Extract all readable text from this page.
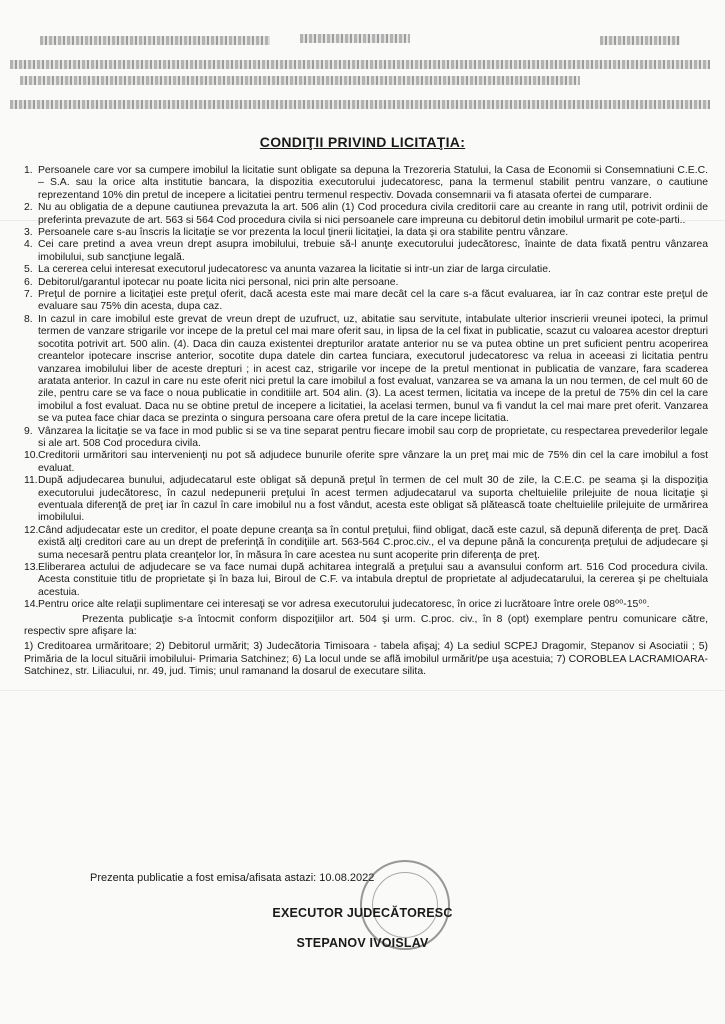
CONDIŢII PRIVIND LICITAŢIA:
1. Persoanele care vor sa cumpere imobilul la licitatie sunt obligate sa depuna la Trezoreria Statului, la Casa de Economii si Consemnatiuni C.E.C. – S.A. sau la orice alta institutie bancara, la dispozitia executorului judecatoresc, pana la termenul stabilit pentru vanzare, o cautiune reprezentand 10% din pretul de incepere a licitatiei pentru termenul respectiv. Dovada consemnarii va fi atasata ofertei de cumparare.
2. Nu au obligatia de a depune cautiunea prevazuta la art. 506 alin (1) Cod procedura civila creditorii care au creante in rang util, potrivit ordinii de preferinta prevazute de art. 563 si 564 Cod procedura civila si nici persoanele care impreuna cu debitorul detin imobilul urmarit pe cote-parti..
3. Persoanele care s-au înscris la licitaţie se vor prezenta la locul ţinerii licitaţiei, la data şi ora stabilite pentru vânzare.
4. Cei care pretind a avea vreun drept asupra imobilului, trebuie să-l anunţe executorului judecătoresc, înainte de data fixată pentru vânzarea imobilului, sub sancţiune legală.
5. La cererea celui interesat executorul judecatoresc va anunta vazarea la licitatie si intr-un ziar de larga circulatie.
6. Debitorul/garantul ipotecar nu poate licita nici personal, nici prin alte persoane.
7. Preţul de pornire a licitaţiei este preţul oferit, dacă acesta este mai mare decât cel la care s-a făcut evaluarea, iar în caz contrar este preţul de evaluare sau 75% din acesta, dupa caz.
8. In cazul in care imobilul este grevat de vreun drept de uzufruct, uz, abitatie sau servitute, intabulate ulterior inscrierii vreunei ipoteci, la primul termen de vanzare strigarile vor incepe de la pretul cel mai mare oferit sau, in lipsa de la cel fixat in publicatie, scazut cu valoarea acestor drepturi socotita potrivit art. 500 alin. (4). Daca din cauza existentei drepturilor aratate anterior nu se va putea obtine un pret suficient pentru acoperirea creantelor ipotecare inscrise anterior, socotite dupa datele din cartea funciara, executorul judecatoresc va relua in aceeasi zi licitatia pentru vanzarea imobilului liber de aceste drepturi ; in acest caz, strigarile vor incepe de la pretul mentionat in publicatia de vanzare, fara scaderea aratata anterior. In cazul in care nu este oferit nici pretul la care imobilul a fost evaluat, vanzarea se va amana la un nou termen, de cel mult 60 de zile, pentru care se va face o noua publicatie in conditiile art. 504 alin. (3). La acest termen, licitatia va incepe de la pretul de 75% din cel la care imobilul a fost evaluat. Daca nu se obtine pretul de incepere a licitatiei, la acelasi termen, bunul va fi vandut la cel mai mare pret oferit. Vanzarea se va putea face chiar daca se prezinta o singura persoana care ofera pretul de la care incepe licitatia.
9. Vânzarea la licitaţie se va face in mod public si se va tine separat pentru fiecare imobil sau corp de proprietate, cu respectarea prevederilor legale si ale art. 508 Cod procedura civila.
10. Creditorii urmăritori sau intervenienţi nu pot să adjudece bunurile oferite spre vânzare la un preţ mai mic de 75% din cel la care imobilul a fost evaluat.
11. După adjudecarea bunului, adjudecatarul este obligat să depună preţul în termen de cel mult 30 de zile, la C.E.C. pe seama şi la dispoziţia executorului judecătoresc, în cazul nedepunerii preţului în acest termen adjudecatarul va suporta cheltuielile prilejuite de noua licitaţie şi eventuala diferenţă de preţ iar în cazul în care imobilul nu a fost vândut, acesta este obligat să plătească toate cheltuielile prilejuite de urmărirea imobilului.
12. Când adjudecatar este un creditor, el poate depune creanţa sa în contul preţului, fiind obligat, dacă este cazul, să depună diferenţa de preţ. Dacă există alţi creditori care au un drept de preferinţă în condiţiile art. 563-564 C.proc.civ., el va depune până la concurenţa preţului de adjudecare şi suma necesară pentru plata creanţelor lor, în măsura în care acestea nu sunt acoperite prin diferenţa de preţ.
13. Eliberarea actului de adjudecare se va face numai după achitarea integrală a preţului sau a avansului conform art. 516 Cod procedura civila. Acesta constituie titlu de proprietate şi în baza lui, Biroul de C.F. va intabula dreptul de proprietate al adjudecatarului, la cererea şi pe cheltuiala acestuia.
14. Pentru orice alte relaţii suplimentare cei interesaţi se vor adresa executorului judecatoresc, în orice zi lucrătoare între orele 08⁰⁰-15⁰⁰.
Prezenta publicaţie s-a întocmit conform dispoziţiilor art. 504 şi urm. C.proc. civ., în 8 (opt) exemplare pentru comunicare către, respectiv spre afişare la:
1) Creditoarea urmăritoare; 2) Debitorul urmărit; 3) Judecătoria Timisoara - tabela afişaj; 4) La sediul SCPEJ Dragomir, Stepanov si Asociatii ; 5) Primăria de la locul situării imobilului- Primaria Satchinez; 6) La locul unde se află imobilul urmărit/pe uşa acestuia; 7) COROBLEA LACRAMIOARA-Satchinez, str. Liliacului, nr. 49, jud. Timis; unul ramanand la dosarul de executare silita.
Prezenta publicatie a fost emisa/afisata astazi: 10.08.2022
EXECUTOR JUDECĂTORESC
STEPANOV IVOISLAV
